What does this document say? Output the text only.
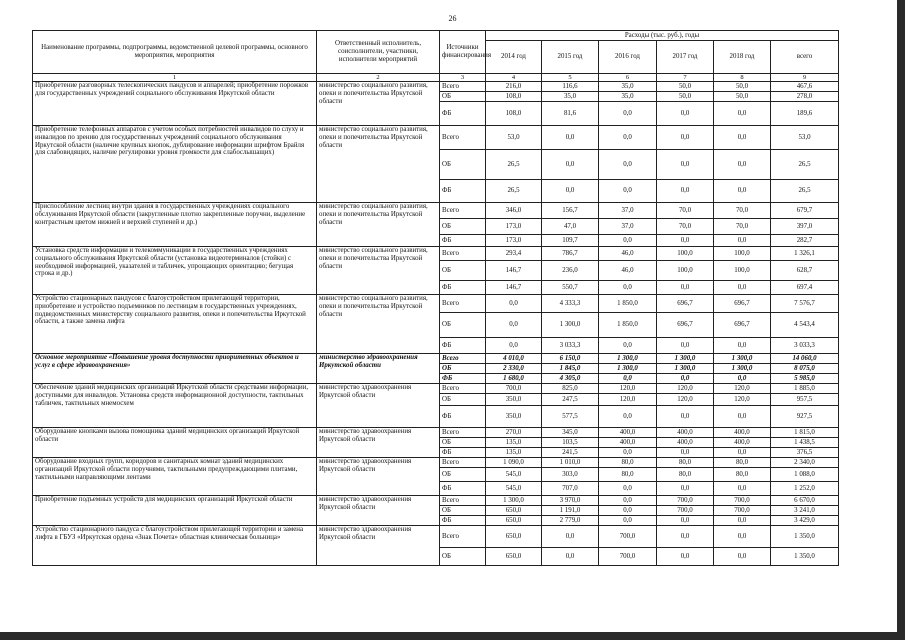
26
Наименование программы, подпрограммы, ведомственной целевой программы, основного мероприятия, мероприятия	Ответственный исполнитель, соисполнители, участники, исполнители мероприятий	Источники финансирования	Расходы (тыс. руб.), годы					
			2014 год	2015 год	2016 год	2017 год	2018 год	всего
1	2	3	4	5	6	7	8	9
Приобретение разговорных телескопических пандусов и аппарелей; приобретение порожков для государственных учреждений социального обслуживания Иркутской области	министерство социального развития, опеки и попечительства Иркутской области	Всего	216,0	116,6	35,0	50,0	50,0	467,6
		ОБ	108,0	35,0	35,0	50,0	50,0	278,0
		ФБ	108,0	81,6	0,0	0,0	0,0	189,6
Приобретение телефонных аппаратов с учетом особых потребностей инвалидов по слуху и инвалидов по зрению для государственных учреждений социального обслуживания Иркутской области (наличие крупных кнопок, дублирование информации шрифтом Брайля для слабовидящих, наличие регулировки уровня громкости для слабослышащих)	министерство социального развития, опеки и попечительства Иркутской области	Всего	53,0	0,0	0,0	0,0	0,0	53,0
		ОБ	26,5	0,0	0,0	0,0	0,0	26,5
		ФБ	26,5	0,0	0,0	0,0	0,0	26,5
Приспособление лестниц внутри здания в государственных учреждениях социального обслуживания Иркутской области (закругленные плотно закрепленные поручни, выделение контрастным цветом нижней и верхней ступеней и др.)	министерство социального развития, опеки и попечительства Иркутской области	Всего	346,0	156,7	37,0	70,0	70,0	679,7
		ОБ	173,0	47,0	37,0	70,0	70,0	397,0
		ФБ	173,0	109,7	0,0	0,0	0,0	282,7
Установка средств информации и телекоммуникации в государственных учреждениях социального обслуживания Иркутской области (установка видеотерминалов (стойки) с необходимой информацией, указателей и табличек, упрощающих ориентацию; бегущая строка и др.)	министерство социального развития, опеки и попечительства Иркутской области	Всего	293,4	786,7	46,0	100,0	100,0	1 326,1
		ОБ	146,7	236,0	46,0	100,0	100,0	628,7
		ФБ	146,7	550,7	0,0	0,0	0,0	697,4
Устройство стационарных пандусов с благоустройством прилегающей территории, приобретение и устройство подъемников по лестницам в государственных учреждениях, подведомственных министерству социального развития, опеки и попечительства Иркутской области, а также замена лифта	министерство социального развития, опеки и попечительства Иркутской области	Всего	0,0	4 333,3	1 850,0	696,7	696,7	7 576,7
		ОБ	0,0	1 300,0	1 850,0	696,7	696,7	4 543,4
		ФБ	0,0	3 033,3	0,0	0,0	0,0	3 033,3
Основное мероприятие «Повышение уровня доступности приоритетных объектов и услуг в сфере здравоохранения»	министерство здравоохранения Иркутской области	Всего	4 010,0	6 150,0	1 300,0	1 300,0	1 300,0	14 060,0
		ОБ	2 330,0	1 845,0	1 300,0	1 300,0	1 300,0	8 075,0
		ФБ	1 680,0	4 305,0	0,0	0,0	0,0	5 985,0
Обеспечение зданий медицинских организаций Иркутской области средствами информации, доступными для инвалидов. Установка средств информационной доступности, тактильных табличек, тактильных мнемосхем	министерство здравоохранения Иркутской области	Всего	700,0	825,0	120,0	120,0	120,0	1 885,0
		ОБ	350,0	247,5	120,0	120,0	120,0	957,5
		ФБ	350,0	577,5	0,0	0,0	0,0	927,5
Оборудование кнопками вызова помощника зданий медицинских организаций Иркутской области	министерство здравоохранения Иркутской области	Всего	270,0	345,0	400,0	400,0	400,0	1 815,0
		ОБ	135,0	103,5	400,0	400,0	400,0	1 438,5
		ФБ	135,0	241,5	0,0	0,0	0,0	376,5
Оборудование входных групп, коридоров и санитарных комнат зданий медицинских организаций Иркутской области поручнями, тактильными предупреждающими плитами, тактильными направляющими лентами	министерство здравоохранения Иркутской области	Всего	1 090,0	1 010,0	80,0	80,0	80,0	2 340,0
		ОБ	545,0	303,0	80,0	80,0	80,0	1 088,0
		ФБ	545,0	707,0	0,0	0,0	0,0	1 252,0
Приобретение подъемных устройств для медицинских организаций Иркутской области	министерство здравоохранения Иркутской области	Всего	1 300,0	3 970,0	0,0	700,0	700,0	6 670,0
		ОБ	650,0	1 191,0	0,0	700,0	700,0	3 241,0
		ФБ	650,0	2 779,0	0,0	0,0	0,0	3 429,0
Устройство стационарного пандуса с благоустройством прилегающей территории и замена лифта в ГБУЗ «Иркутская ордена «Знак Почета» областная клиническая больница»	министерство здравоохранения Иркутской области	Всего	650,0	0,0	700,0	0,0	0,0	1 350,0
		ОБ	650,0	0,0	700,0	0,0	0,0	1 350,0
